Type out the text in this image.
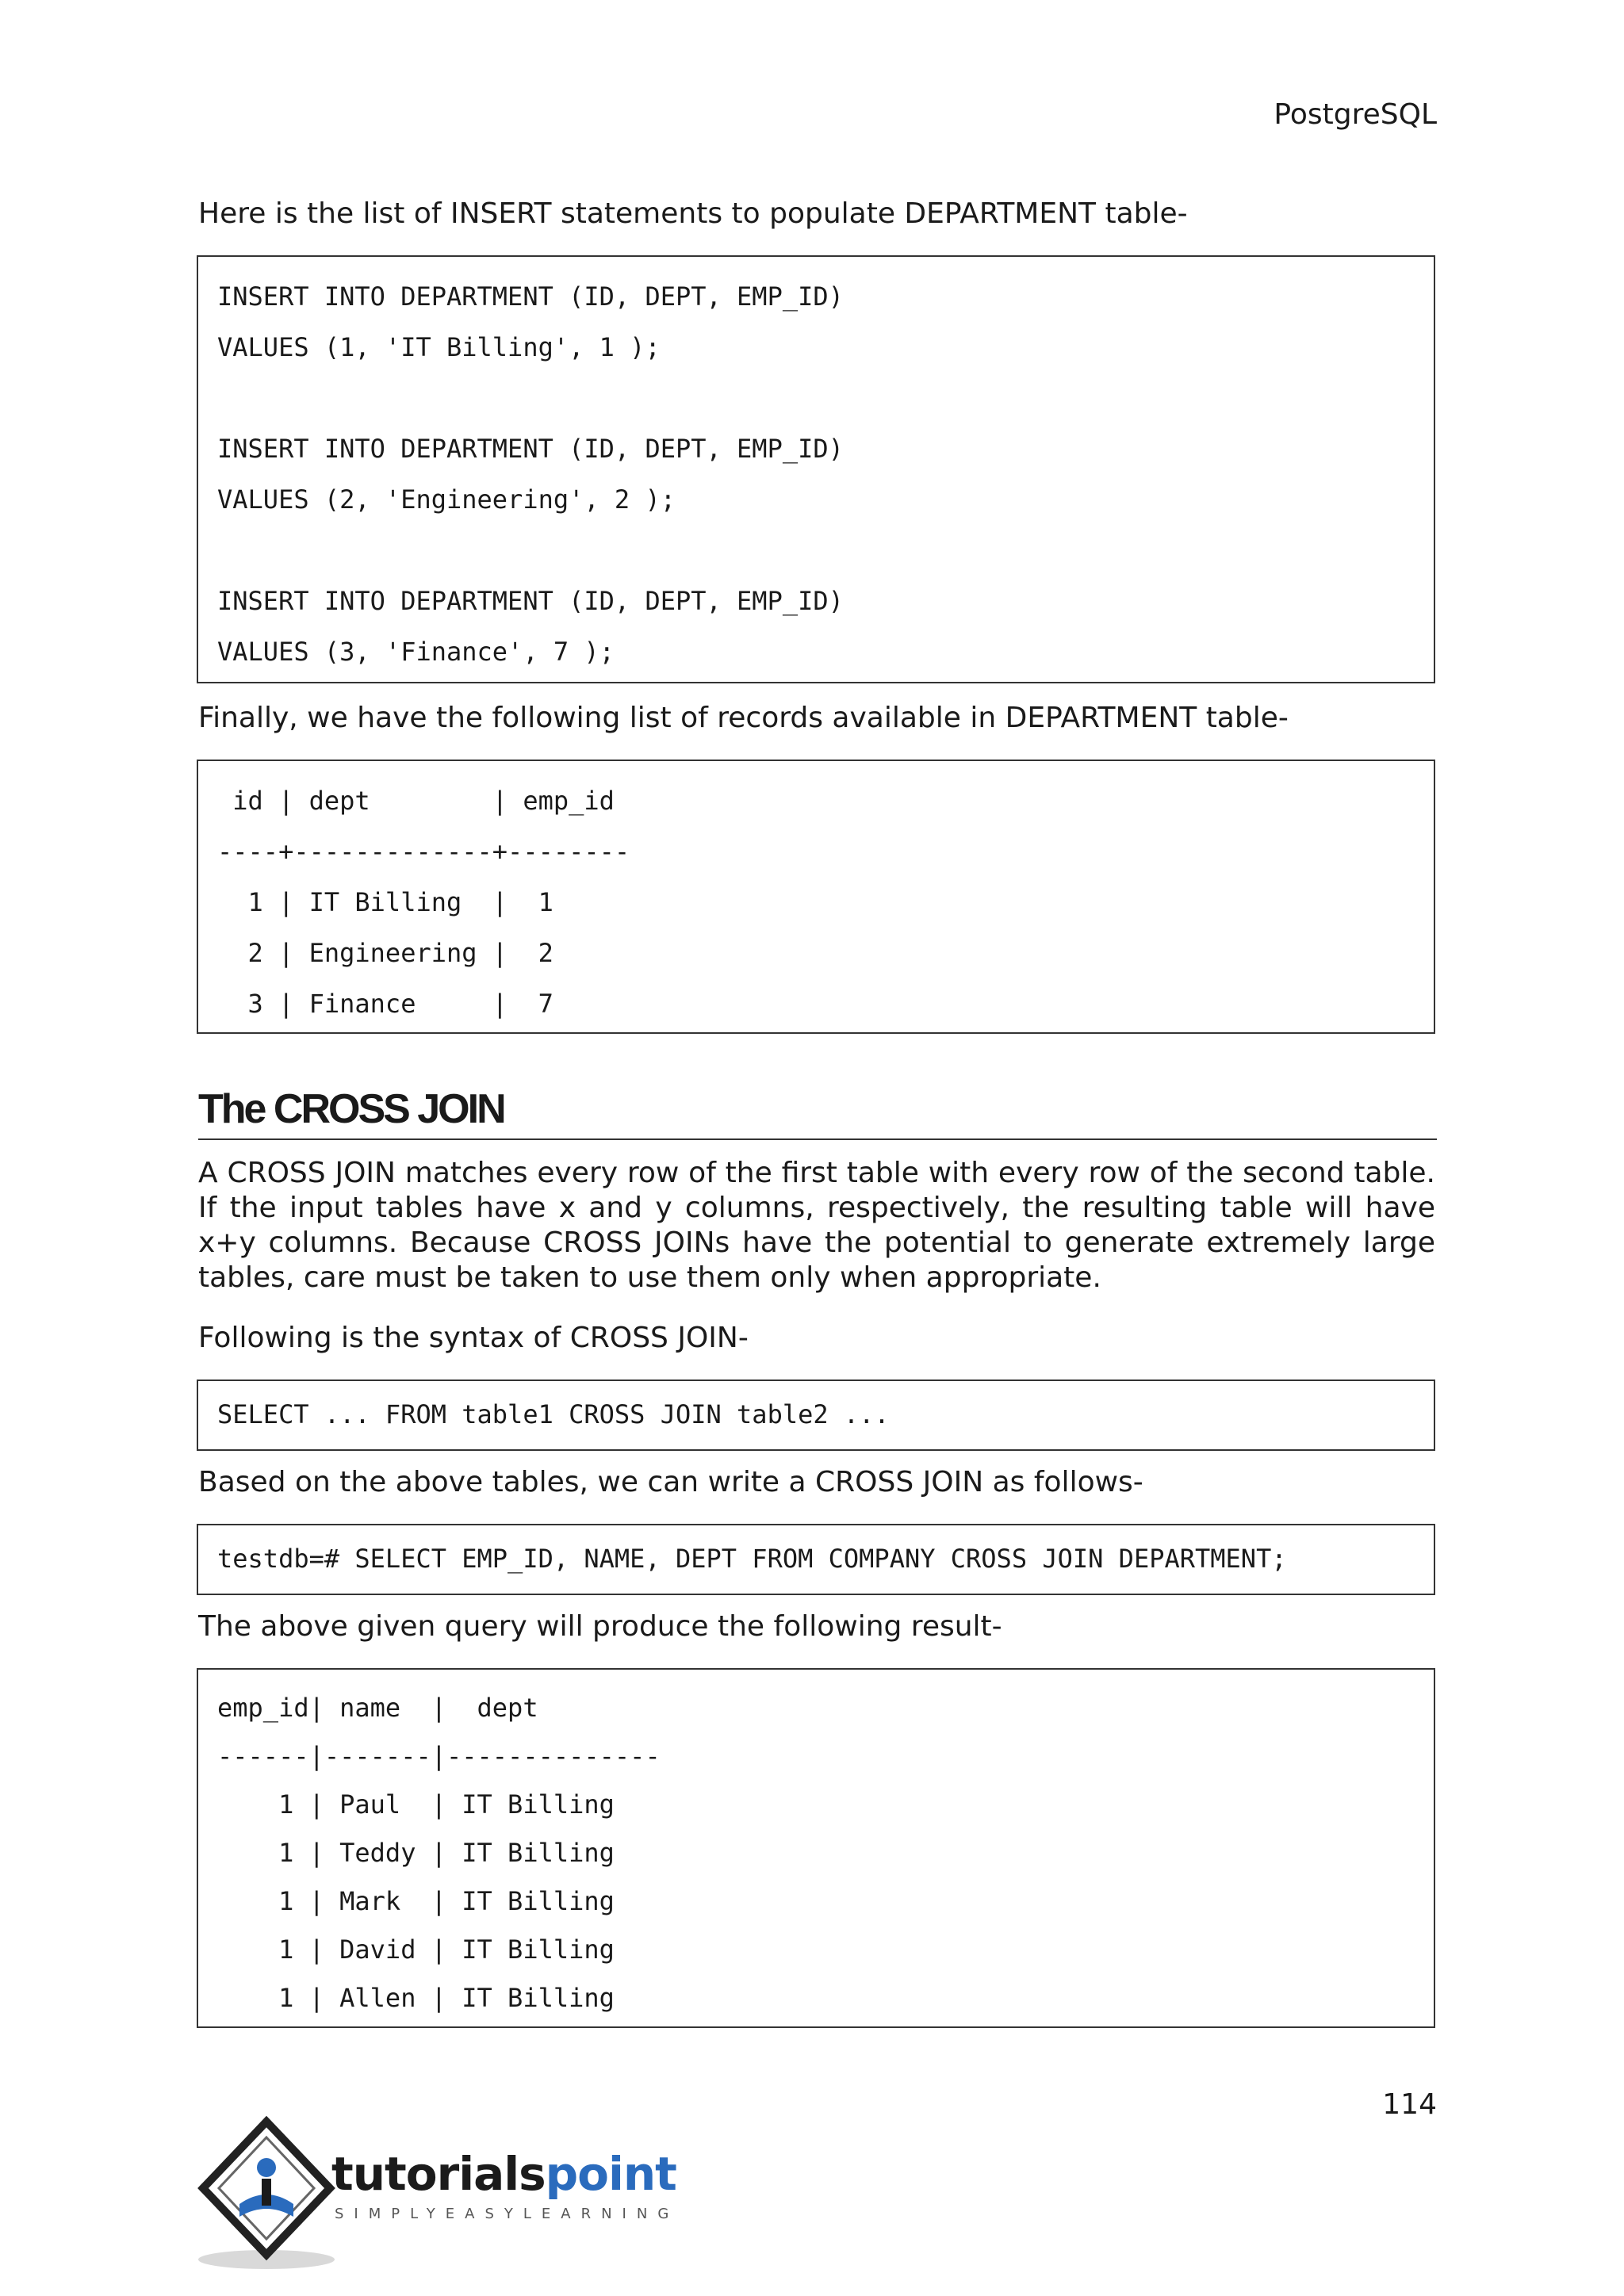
PostgreSQL

Here is the list of INSERT statements to populate DEPARTMENT table-

INSERT INTO DEPARTMENT (ID, DEPT, EMP_ID)
VALUES (1, 'IT Billing', 1 );
INSERT INTO DEPARTMENT (ID, DEPT, EMP_ID)
VALUES (2, 'Engineering', 2 );
INSERT INTO DEPARTMENT (ID, DEPT, EMP_ID)
VALUES (3, 'Finance', 7 );

Finally, we have the following list of records available in DEPARTMENT table-

id | dept        | emp_id
----+-------------+--------
1 | IT Billing  |  1
2 | Engineering |  2
3 | Finance     |  7
The CROSS JOIN

A CROSS JOIN matches every row of the first table with every row of the second table. If the input tables have x and y columns, respectively, the resulting table will have x+y columns. Because CROSS JOINs have the potential to generate extremely large tables, care must be taken to use them only when appropriate.

Following is the syntax of CROSS JOIN-

SELECT ... FROM table1 CROSS JOIN table2 ...

Based on the above tables, we can write a CROSS JOIN as follows-

testdb=# SELECT EMP_ID, NAME, DEPT FROM COMPANY CROSS JOIN DEPARTMENT;

The above given query will produce the following result-

emp_id| name  |  dept
------|-------|--------------
1 | Paul  | IT Billing
1 | Teddy | IT Billing
1 | Mark  | IT Billing
1 | David | IT Billing
1 | Allen | IT Billing
114
tutorialspoint
SIMPLYEASYLEARNING
